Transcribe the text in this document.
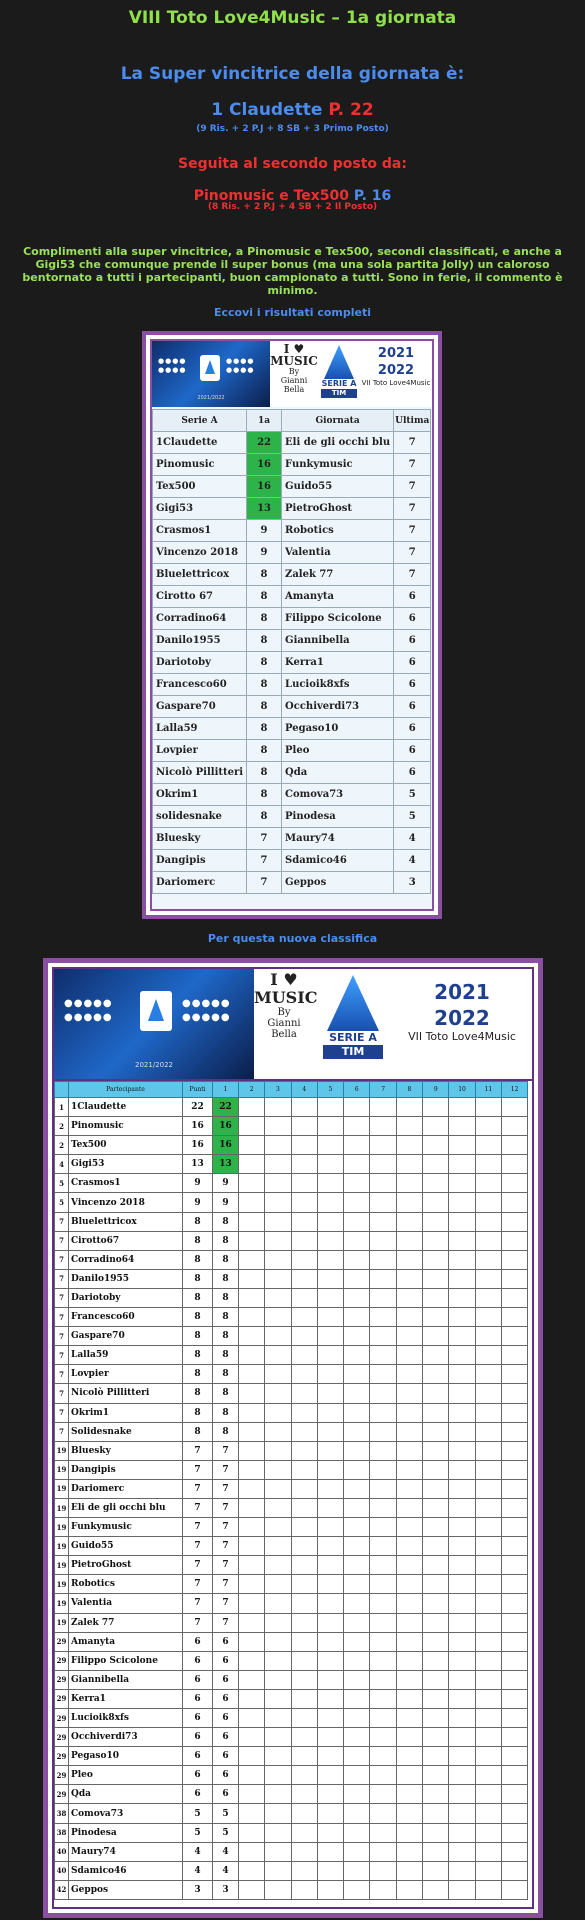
VIII Toto Love4Music – 1a giornata
La Super vincitrice della giornata è:
1 Claudette P. 22
(9 Ris. + 2 P.J + 8 SB + 3 Primo Posto)
Seguita al secondo posto da:
Pinomusic e Tex500 P. 16
(8 Ris. + 2 P.J + 4 SB + 2 Il Posto)
Complimenti alla super vincitrice, a Pinomusic e Tex500, secondi classificati, e anche a Gigi53 che comunque prende il super bonus (ma una sola partita Jolly) un caloroso bentornato a tutti i partecipanti, buon campionato a tutti. Sono in ferie, il commento è minimo.
Eccovi i risultati completi
●●●●
●●●●
●●●●
●●●●
2021/2022
I ♥ MUSIC
By
Gianni
Bella
SERIE A
TIM
2021
2022
VII Toto Love4Music
Serie A	1a	Giornata	Ultima
1Claudette	22	Eli de gli occhi blu	7
Pinomusic	16	Funkymusic	7
Tex500	16	Guido55	7
Gigi53	13	PietroGhost	7
Crasmos1	9	Robotics	7
Vincenzo 2018	9	Valentia	7
Bluelettricox	8	Zalek 77	7
Cirotto 67	8	Amanyta	6
Corradino64	8	Filippo Scicolone	6
Danilo1955	8	Giannibella	6
Dariotoby	8	Kerra1	6
Francesco60	8	Lucioik8xfs	6
Gaspare70	8	Occhiverdi73	6
Lalla59	8	Pegaso10	6
Lovpier	8	Pleo	6
Nicolò Pillitteri	8	Qda	6
Okrim1	8	Comova73	5
solidesnake	8	Pinodesa	5
Bluesky	7	Maury74	4
Dangipis	7	Sdamico46	4
Dariomerc	7	Geppos	3
Per questa nuova classifica
●●●●●
●●●●●
●●●●●
●●●●●
2021/2022
I ♥ MUSIC
By
Gianni
Bella	SERIE A
TIM
2021
2022
VII Toto Love4Music
	Partecipante	Punti	1	2	3	4	5	6	7	8	9	10	11	12
1	1Claudette	22	22											
2	Pinomusic	16	16											
2	Tex500	16	16											
4	Gigi53	13	13											
5	Crasmos1	9	9											
5	Vincenzo 2018	9	9											
7	Bluelettricox	8	8											
7	Cirotto67	8	8											
7	Corradino64	8	8											
7	Danilo1955	8	8											
7	Dariotoby	8	8											
7	Francesco60	8	8											
7	Gaspare70	8	8											
7	Lalla59	8	8											
7	Lovpier	8	8											
7	Nicolò Pillitteri	8	8											
7	Okrim1	8	8											
7	Solidesnake	8	8											
19	Bluesky	7	7											
19	Dangipis	7	7											
19	Dariomerc	7	7											
19	Eli de gli occhi blu	7	7											
19	Funkymusic	7	7											
19	Guido55	7	7											
19	PietroGhost	7	7											
19	Robotics	7	7											
19	Valentia	7	7											
19	Zalek 77	7	7											
29	Amanyta	6	6											
29	Filippo Scicolone	6	6											
29	Giannibella	6	6											
29	Kerra1	6	6											
29	Lucioik8xfs	6	6											
29	Occhiverdi73	6	6											
29	Pegaso10	6	6											
29	Pleo	6	6											
29	Qda	6	6											
38	Comova73	5	5											
38	Pinodesa	5	5											
40	Maury74	4	4											
40	Sdamico46	4	4											
42	Geppos	3	3											
